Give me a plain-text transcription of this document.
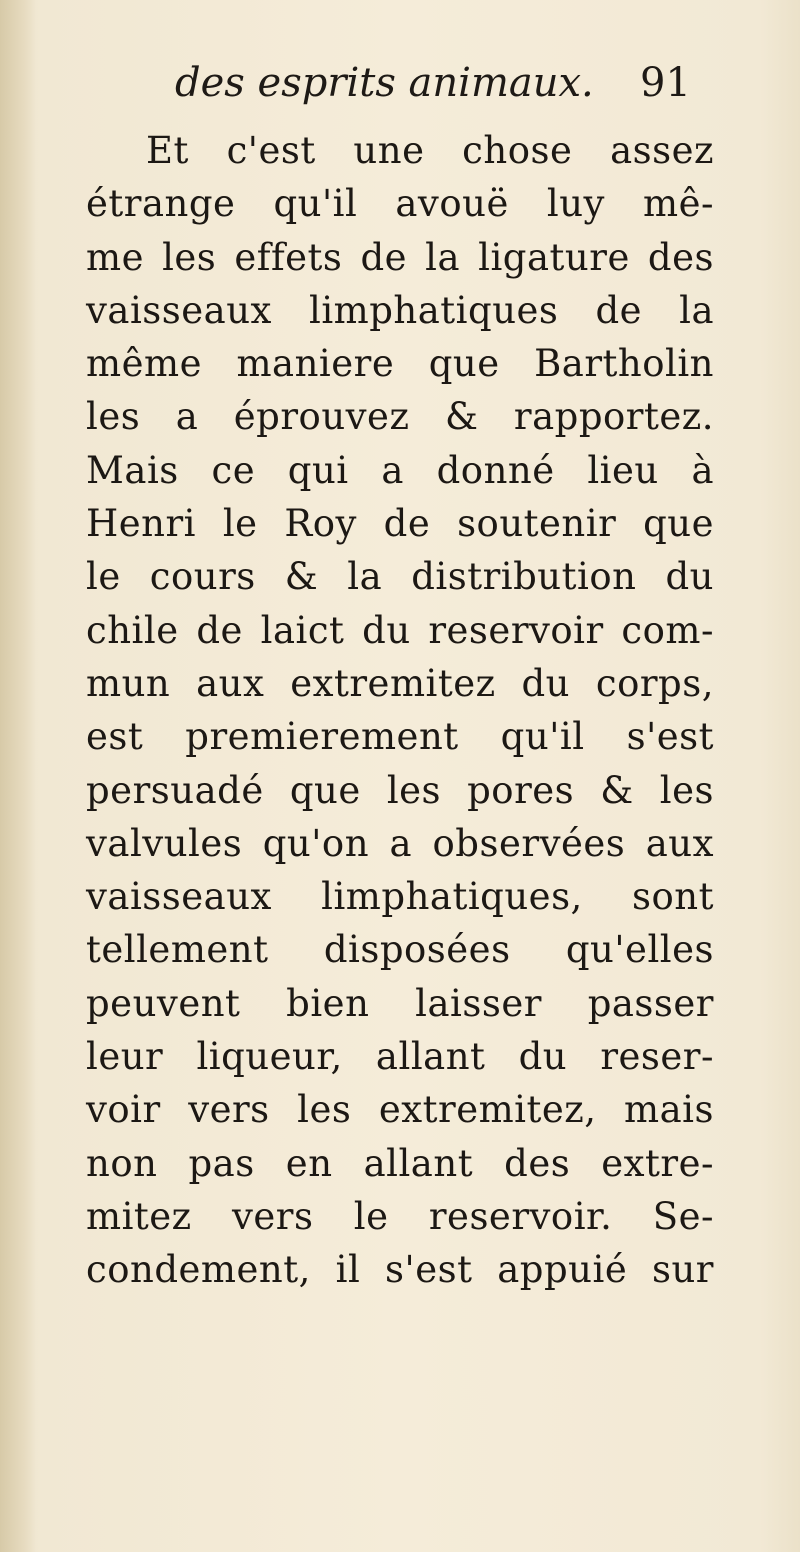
des esprits animaux. 91
Et c'est une chose assez
étrange qu'il avouë luy mê-
me les effets de la ligature des
vaisseaux limphatiques de la
même maniere que Bartholin
les a éprouvez & rapportez.
Mais ce qui a donné lieu à
Henri le Roy de soutenir que
le cours & la distribution du
chile de laict du reservoir com-
mun aux extremitez du corps,
est premierement qu'il s'est
persuadé que les pores & les
valvules qu'on a observées aux
vaisseaux limphatiques, sont
tellement disposées qu'elles
peuvent bien laisser passer
leur liqueur, allant du reser-
voir vers les extremitez, mais
non pas en allant des extre-
mitez vers le reservoir. Se-
condement, il s'est appuié sur
